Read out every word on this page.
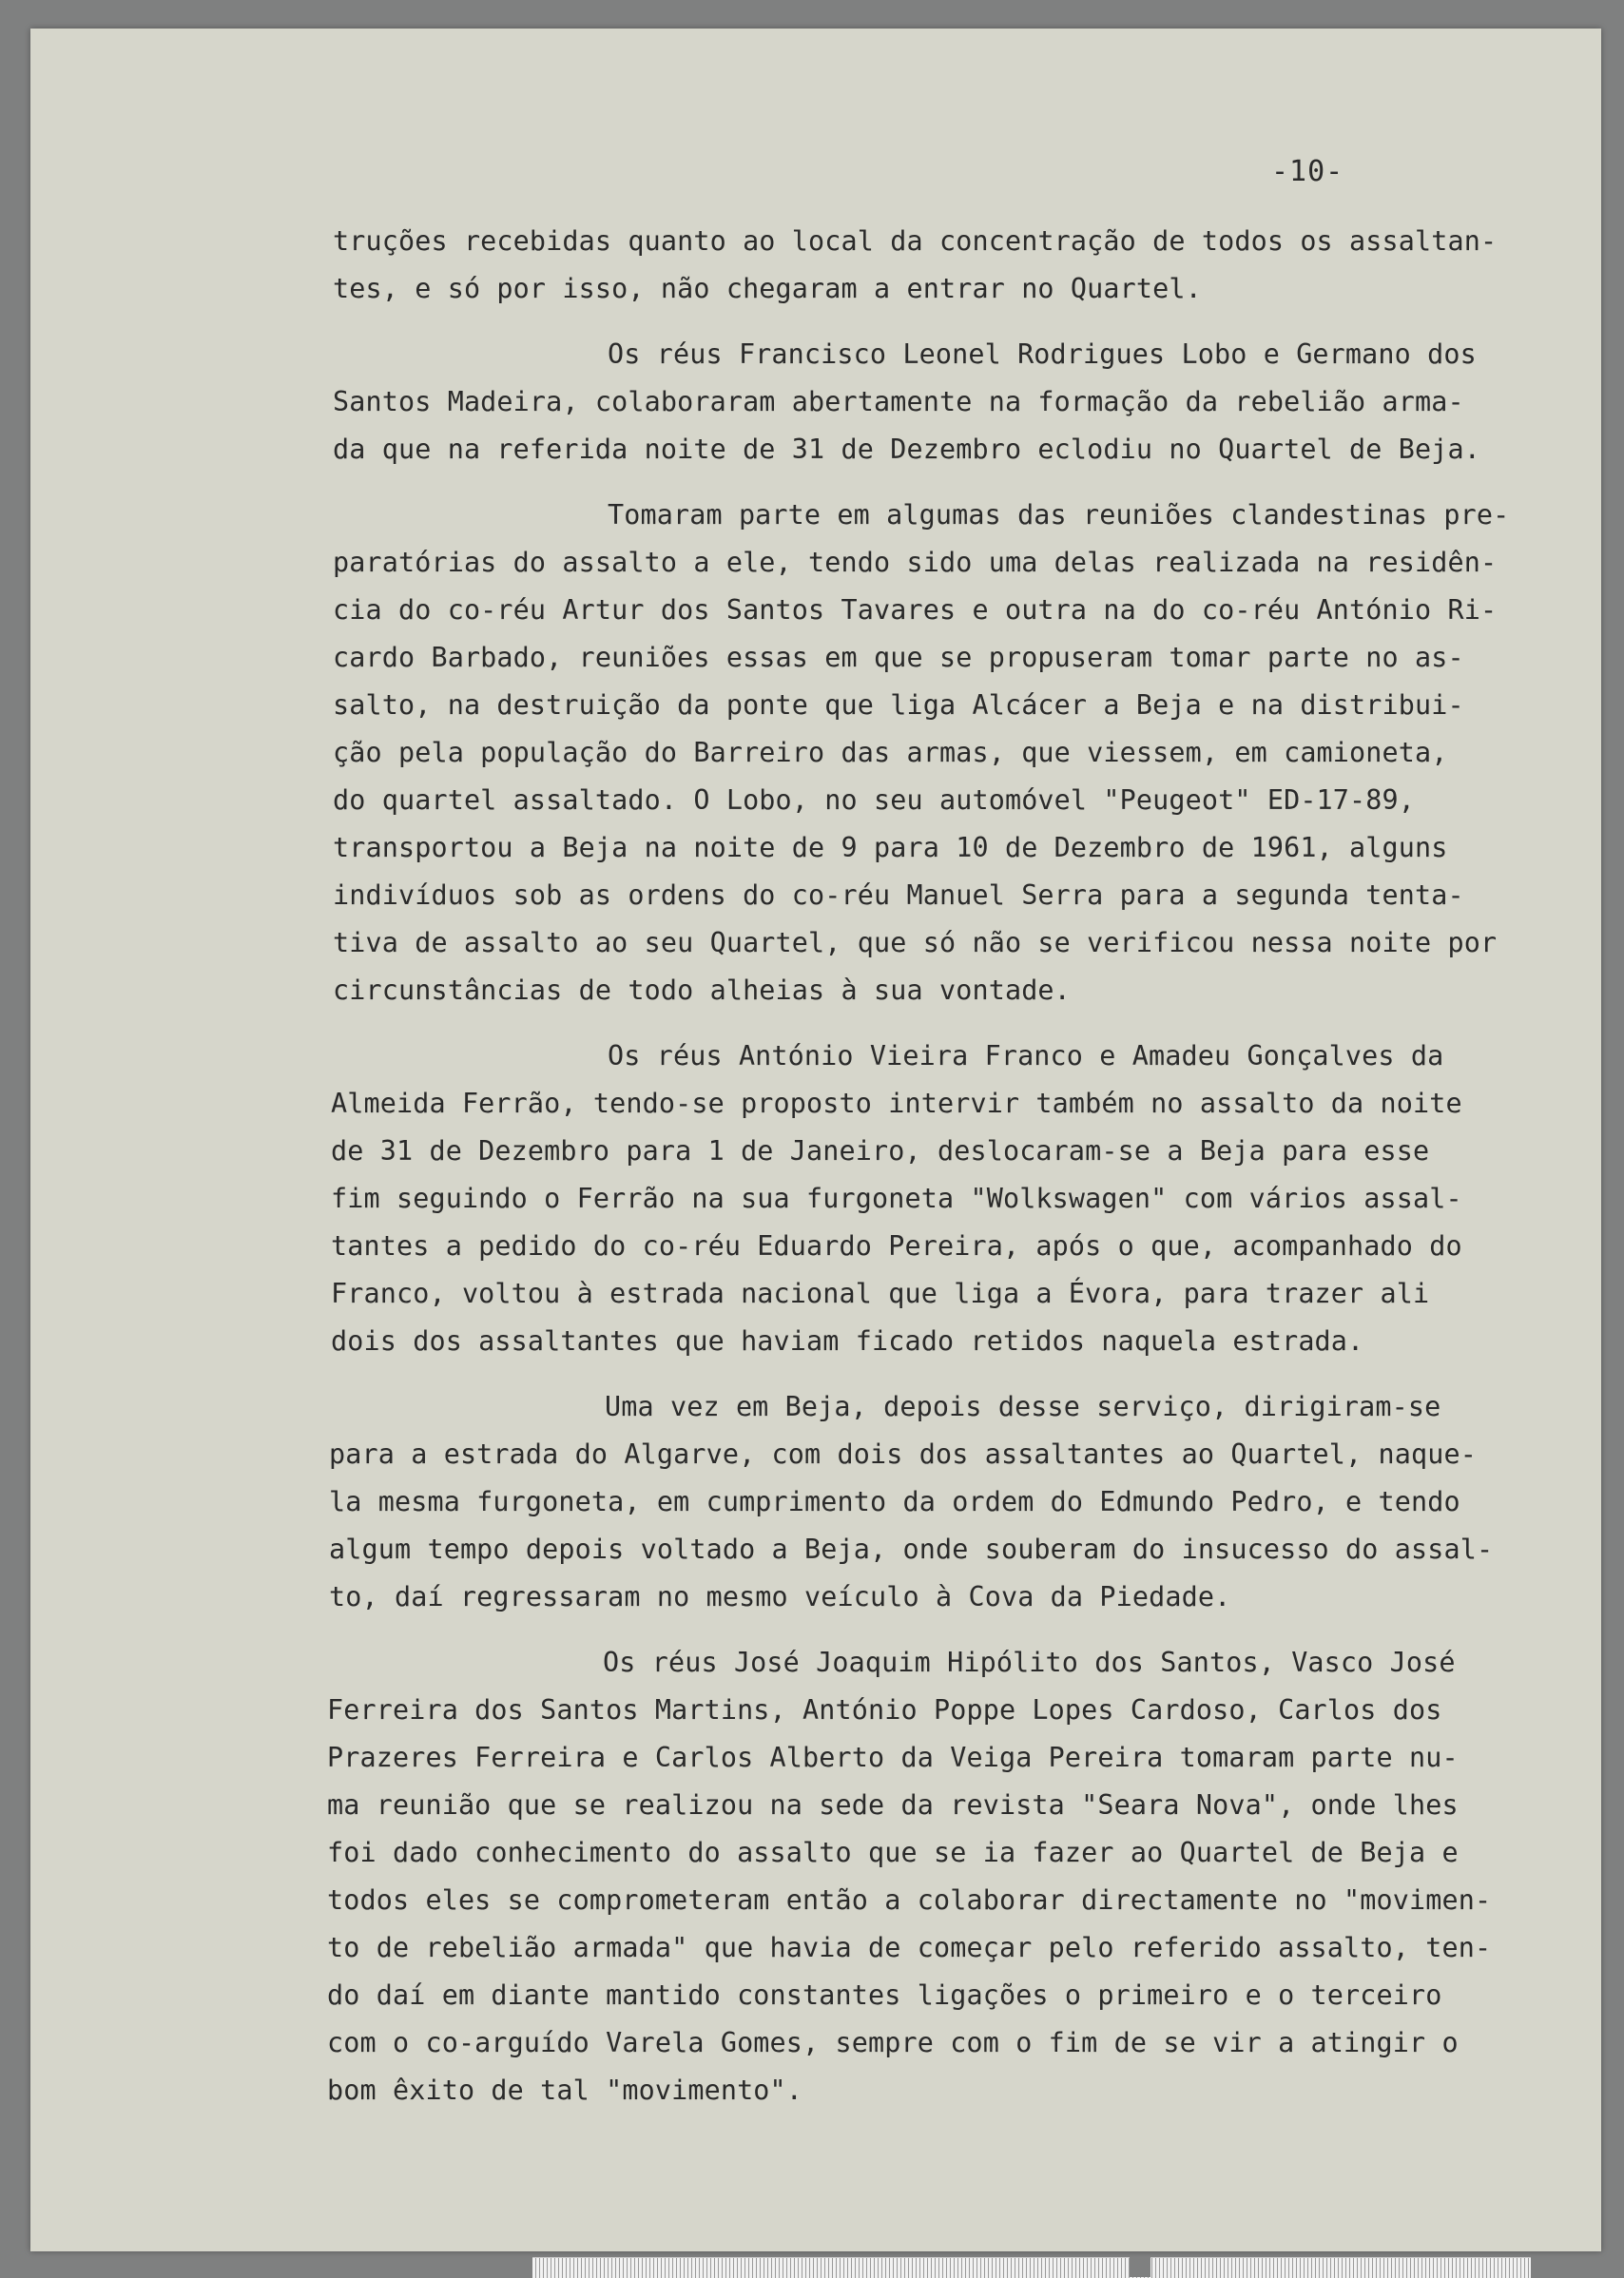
-10-
truções recebidas quanto ao local da concentração de todos os assaltan-
tes, e só por isso, não chegaram a entrar no Quartel.
Os réus Francisco Leonel Rodrigues Lobo e Germano dos
Santos Madeira, colaboraram abertamente na formação da rebelião arma-
da que na referida noite de 31 de Dezembro eclodiu no Quartel de Beja.
Tomaram parte em algumas das reuniões clandestinas pre-
paratórias do assalto a ele, tendo sido uma delas realizada na residên-
cia do co-réu Artur dos Santos Tavares e outra na do co-réu António Ri-
cardo Barbado, reuniões essas em que se propuseram tomar parte no as-
salto, na destruição da ponte que liga Alcácer a Beja e na distribui-
ção pela população do Barreiro das armas, que viessem, em camioneta,
do quartel assaltado. O Lobo, no seu automóvel "Peugeot" ED-17-89,
transportou a Beja na noite de 9 para 10 de Dezembro de 1961, alguns
indivíduos sob as ordens do co-réu Manuel Serra para a segunda tenta-
tiva de assalto ao seu Quartel, que só não se verificou nessa noite por
circunstâncias de todo alheias à sua vontade.
Os réus António Vieira Franco e Amadeu Gonçalves da
Almeida Ferrão, tendo-se proposto intervir também no assalto da noite
de 31 de Dezembro para 1 de Janeiro, deslocaram-se a Beja para esse
fim seguindo o Ferrão na sua furgoneta "Wolkswagen" com vários assal-
tantes a pedido do co-réu Eduardo Pereira, após o que, acompanhado do
Franco, voltou à estrada nacional que liga a Évora, para trazer ali
dois dos assaltantes que haviam ficado retidos naquela estrada.
Uma vez em Beja, depois desse serviço, dirigiram-se
para a estrada do Algarve, com dois dos assaltantes ao Quartel, naque-
la mesma furgoneta, em cumprimento da ordem do Edmundo Pedro, e tendo
algum tempo depois voltado a Beja, onde souberam do insucesso do assal-
to, daí regressaram no mesmo veículo à Cova da Piedade.
Os réus José Joaquim Hipólito dos Santos, Vasco José
Ferreira dos Santos Martins, António Poppe Lopes Cardoso, Carlos dos
Prazeres Ferreira e Carlos Alberto da Veiga Pereira tomaram parte nu-
ma reunião que se realizou na sede da revista "Seara Nova", onde lhes
foi dado conhecimento do assalto que se ia fazer ao Quartel de Beja e
todos eles se comprometeram então a colaborar directamente no "movimen-
to de rebelião armada" que havia de começar pelo referido assalto, ten-
do daí em diante mantido constantes ligações o primeiro e o terceiro
com o co-arguído Varela Gomes, sempre com o fim de se vir a atingir o
bom êxito de tal "movimento".
